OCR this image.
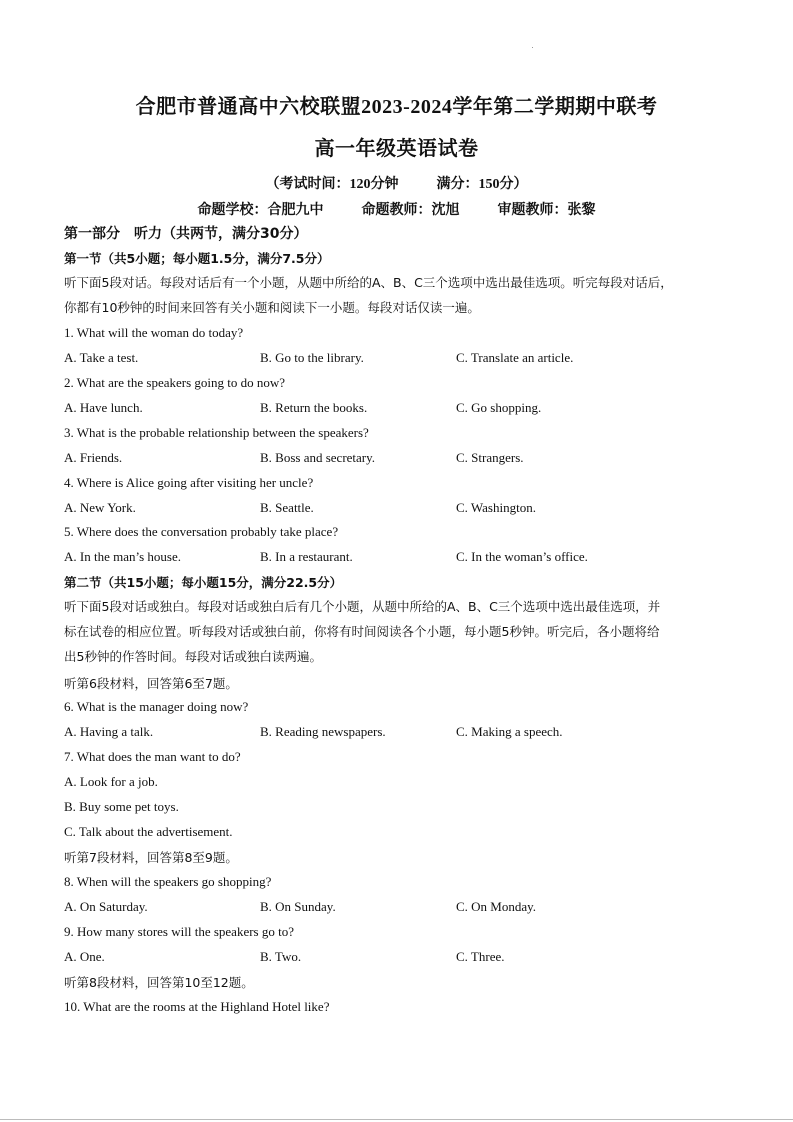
合肥市普通高中六校联盟2023-2024学年第二学期期中联考
高一年级英语试卷
（考试时间：120分钟	满分：150分）
命题学校：合肥九中	命题教师：沈旭	审题教师：张黎
第一部分　听力（共两节，满分30分）
第一节（共5小题；每小题1.5分，满分7.5分）

听下面5段对话。每段对话后有一个小题，从题中所给的A、B、C三个选项中选出最佳选项。听完每段对话后，

你都有10秒钟的时间来回答有关小题和阅读下一小题。每段对话仅读一遍。

1. What will the woman do today?
A. Take a test.	B. Go to the library.	C. Translate an article.
2. What are the speakers going to do now?
A. Have lunch.	B. Return the books.	C. Go shopping.
3. What is the probable relationship between the speakers?
A. Friends.	B. Boss and secretary.	C. Strangers.
4. Where is Alice going after visiting her uncle?
A. New York.	B. Seattle.	C. Washington.
5. Where does the conversation probably take place?
A. In the man’s house.	B. In a restaurant.	C. In the woman’s office.
第二节（共15小题；每小题15分，满分22.5分）

听下面5段对话或独白。每段对话或独白后有几个小题，从题中所给的A、B、C三个选项中选出最佳选项，并

标在试卷的相应位置。听每段对话或独白前，你将有时间阅读各个小题，每小题5秒钟。听完后，各小题将给

出5秒钟的作答时间。每段对话或独白读两遍。

听第6段材料，回答第6至7题。
6. What is the manager doing now?
A. Having a talk.	B. Reading newspapers.	C. Making a speech.
7. What does the man want to do?
A. Look for a job.
B. Buy some pet toys.
C. Talk about the advertisement.
听第7段材料，回答第8至9题。
8. When will the speakers go shopping?
A. On Saturday.	B. On Sunday.	C. On Monday.
9. How many stores will the speakers go to?
A. One.	B. Two.	C. Three.
听第8段材料，回答第10至12题。
10. What are the rooms at the Highland Hotel like?
